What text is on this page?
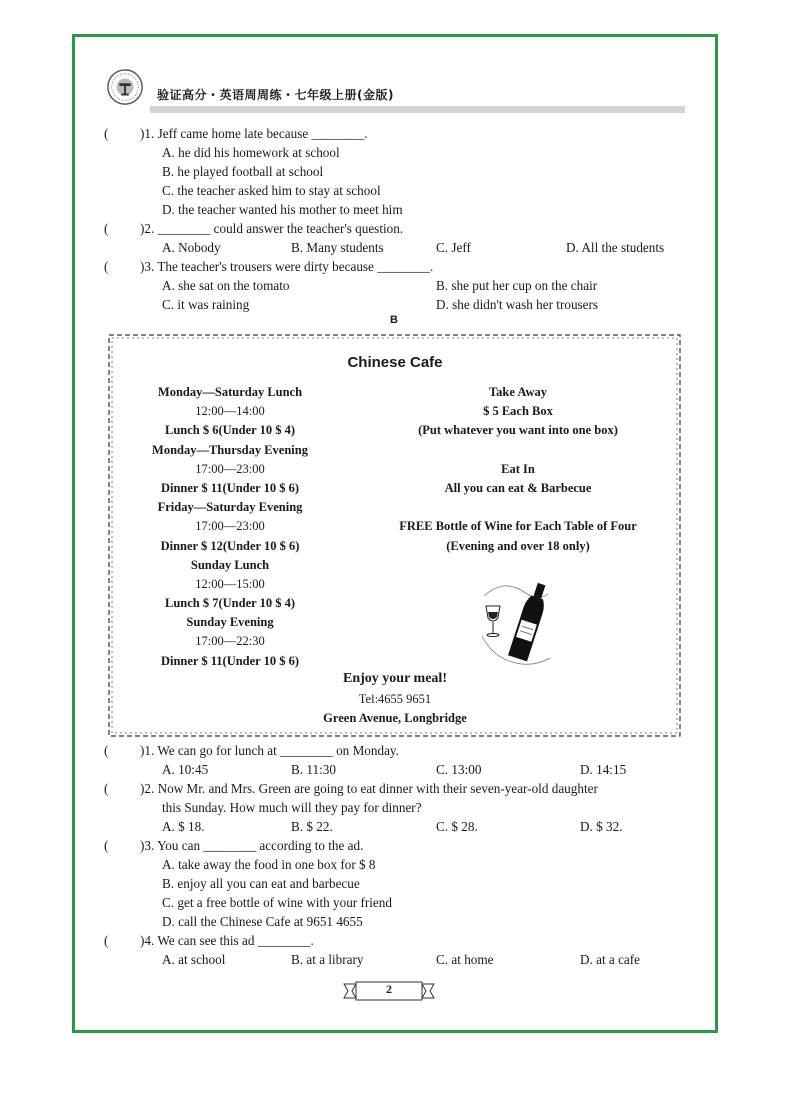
验证高分・英语周周练・七年级上册(金版)
( )1. Jeff came home late because ________.
A. he did his homework at school
B. he played football at school
C. the teacher asked him to stay at school
D. the teacher wanted his mother to meet him
( )2. ________ could answer the teacher's question.
A. Nobody	B. Many students	C. Jeff	D. All the students
( )3. The teacher's trousers were dirty because ________.
A. she sat on the tomato	B. she put her cup on the chair
C. it was raining	D. she didn't wash her trousers
B
Chinese Cafe
Monday—Saturday Lunch
12:00—14:00
Lunch $ 6(Under 10 $ 4)
Monday—Thursday Evening
17:00—23:00
Dinner $ 11(Under 10 $ 6)
Friday—Saturday Evening
17:00—23:00
Dinner $ 12(Under 10 $ 6)
Sunday Lunch
12:00—15:00
Lunch $ 7(Under 10 $ 4)
Sunday Evening
17:00—22:30
Dinner $ 11(Under 10 $ 6)
Take Away
$ 5 Each Box
(Put whatever you want into one box)
Eat In
All you can eat & Barbecue
FREE Bottle of Wine for Each Table of Four
(Evening and over 18 only)
Enjoy your meal!
Tel:4655 9651
Green Avenue, Longbridge
( )1. We can go for lunch at ________ on Monday.
A. 10:45	B. 11:30	C. 13:00	D. 14:15
( )2. Now Mr. and Mrs. Green are going to eat dinner with their seven-year-old daughter
this Sunday. How much will they pay for dinner?
A. $ 18.	B. $ 22.	C. $ 28.	D. $ 32.
( )3. You can ________ according to the ad.
A. take away the food in one box for $ 8
B. enjoy all you can eat and barbecue
C. get a free bottle of wine with your friend
D. call the Chinese Cafe at 9651 4655
( )4. We can see this ad ________.
A. at school	B. at a library	C. at home	D. at a cafe
2
